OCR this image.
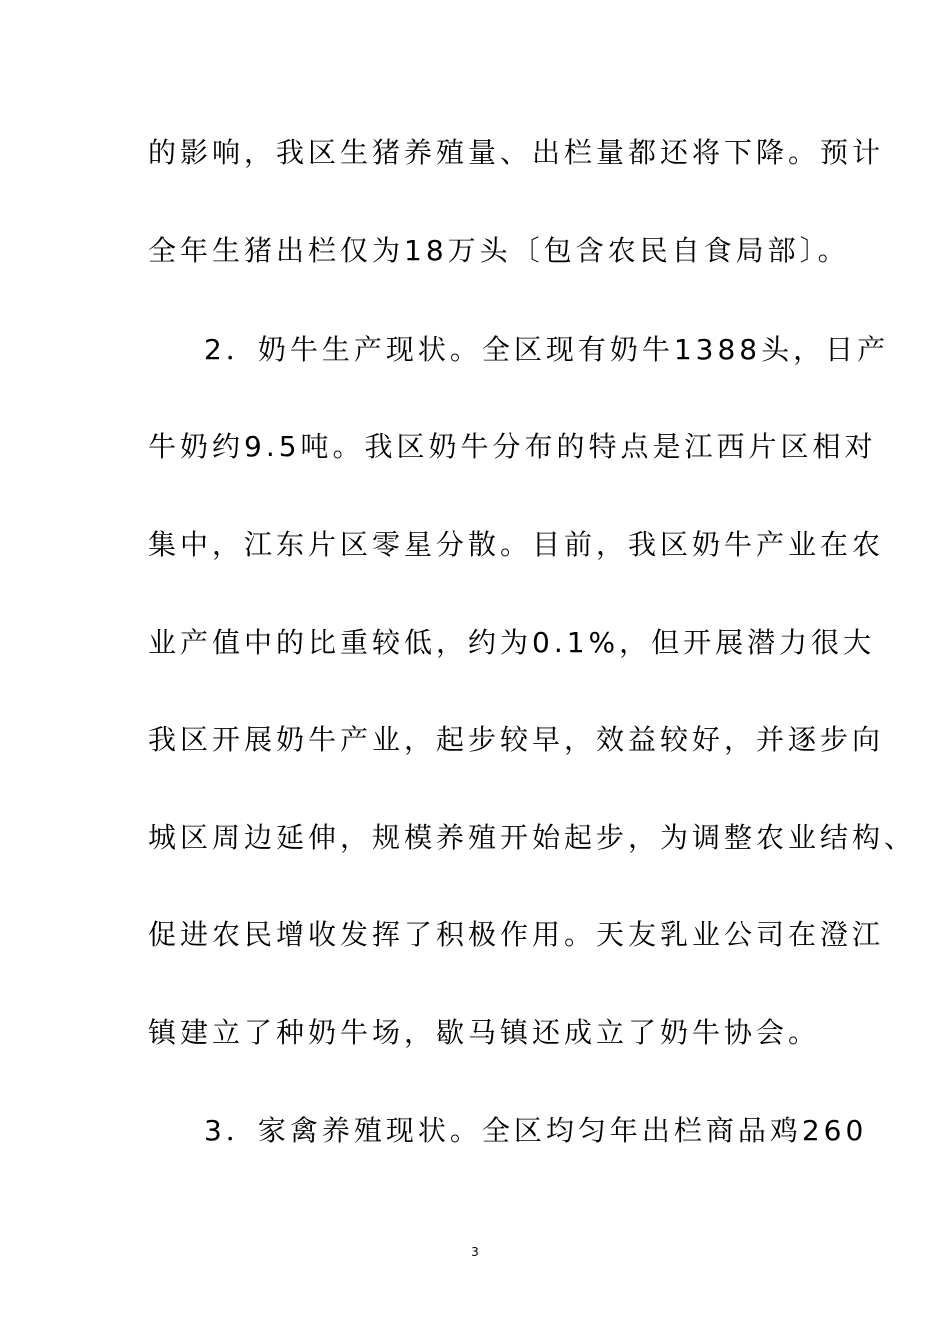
的影响，我区生猪养殖量、出栏量都还将下降。预计
全年生猪出栏仅为18万头〔包含农民自食局部〕。
2．奶牛生产现状。全区现有奶牛1388头，日产
牛奶约9.5吨。我区奶牛分布的特点是江西片区相对
集中，江东片区零星分散。目前，我区奶牛产业在农
业产值中的比重较低，约为0.1%，但开展潜力很大
我区开展奶牛产业，起步较早，效益较好，并逐步向
城区周边延伸，规模养殖开始起步，为调整农业结构、
促进农民增收发挥了积极作用。天友乳业公司在澄江
镇建立了种奶牛场，歇马镇还成立了奶牛协会。
3．家禽养殖现状。全区均匀年出栏商品鸡260
3
